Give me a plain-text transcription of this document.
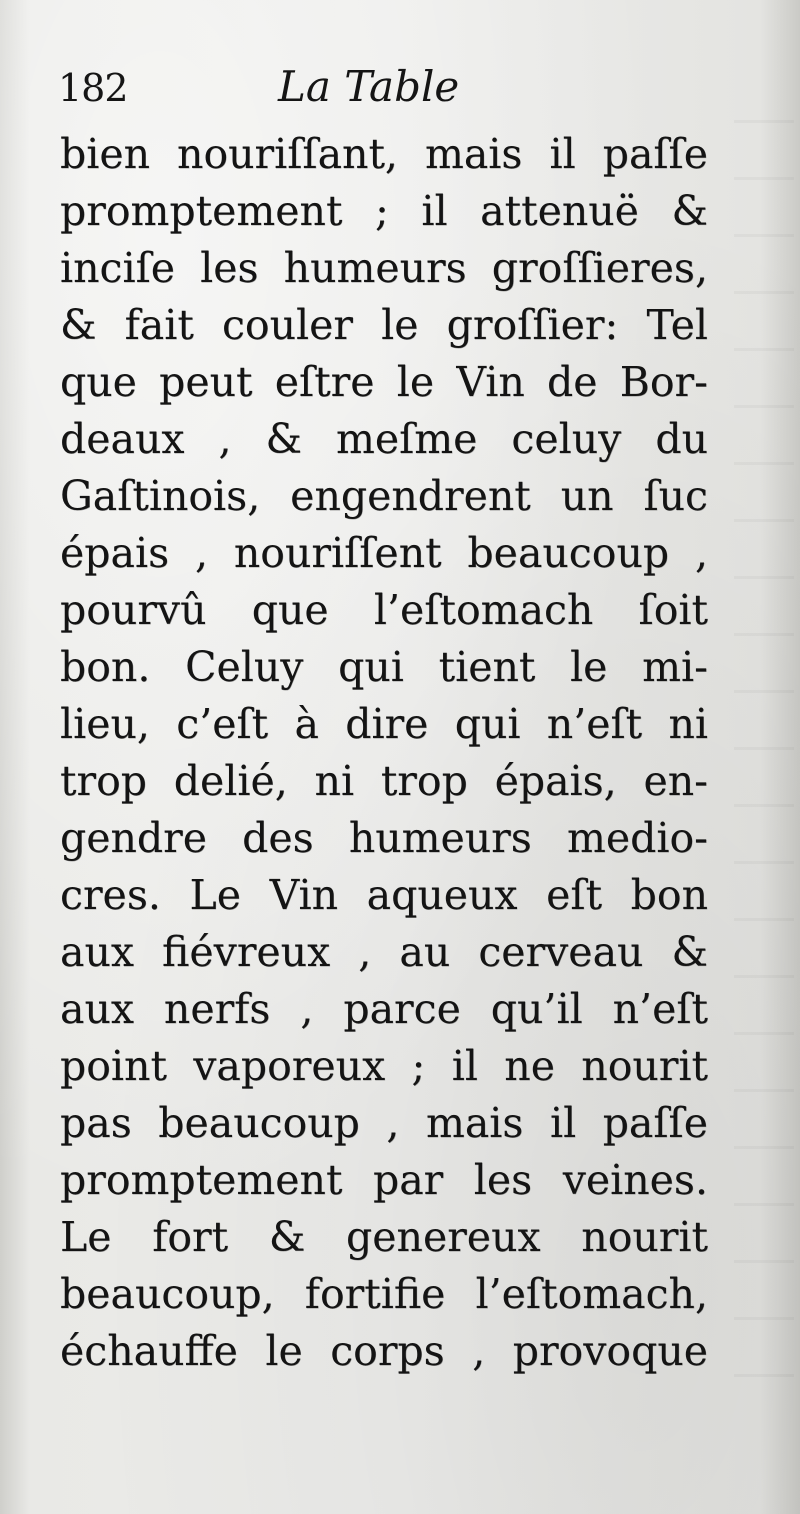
182	La Table
bien nouriſſant, mais il paſſe
promptement ; il attenuë &
inciſe les humeurs groſſieres,
& fait couler le groſſier: Tel
que peut eſtre le Vin de Bor-
deaux , & meſme celuy du
Gaſtinois, engendrent un ſuc
épais , nouriſſent beaucoup ,
pourvû que l’eſtomach ſoit
bon. Celuy qui tient le mi-
lieu, c’eſt à dire qui n’eſt ni
trop delié, ni trop épais, en-
gendre des humeurs medio-
cres. Le Vin aqueux eſt bon
aux fiévreux , au cerveau &
aux nerfs , parce qu’il n’eſt
point vaporeux ; il ne nourit
pas beaucoup , mais il paſſe
promptement par les veines.
Le fort & genereux nourit
beaucoup, fortifie l’eſtomach,
échauffe le corps , provoque
